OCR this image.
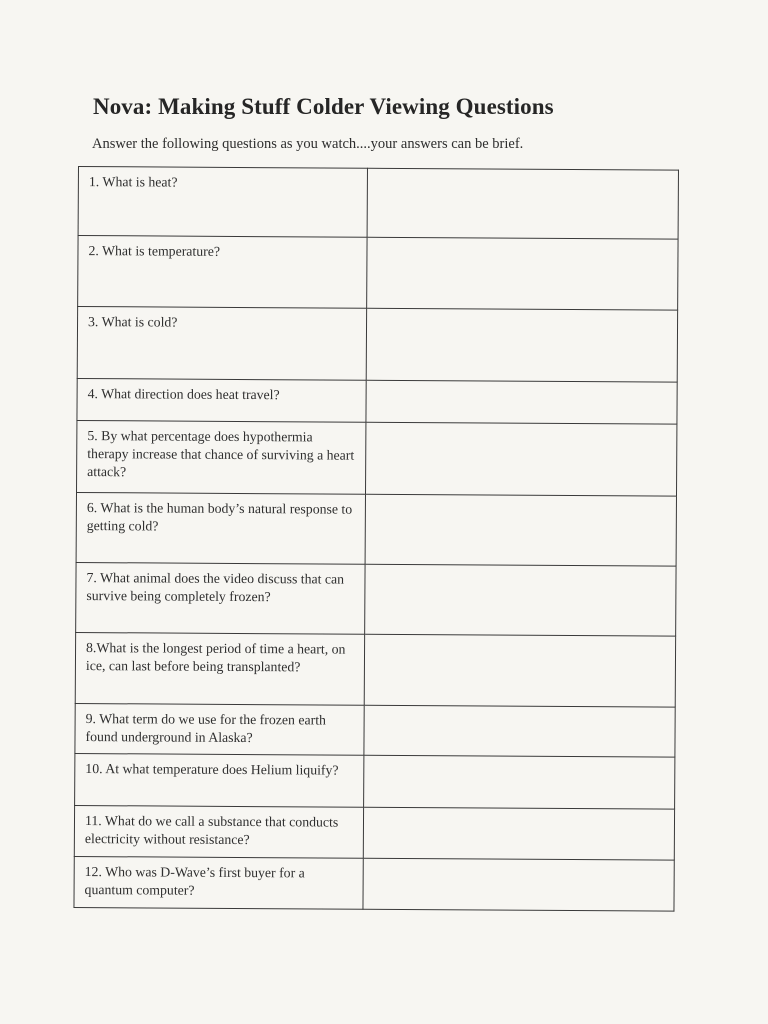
Nova: Making Stuff Colder Viewing Questions

Answer the following questions as you watch....your answers can be brief.

1. What is heat?	
2. What is temperature?	
3. What is cold?	
4. What direction does heat travel?	
5. By what percentage does hypothermia therapy increase that chance of surviving a heart attack?	
6. What is the human body’s natural response to getting cold?	
7. What animal does the video discuss that can survive being completely frozen?	
8.What is the longest period of time a heart, on ice, can last before being transplanted?	
9. What term do we use for the frozen earth found underground in Alaska?	
10. At what temperature does Helium liquify?	
11. What do we call a substance that conducts electricity without resistance?	
12. Who was D-Wave’s first buyer for a quantum computer?	
